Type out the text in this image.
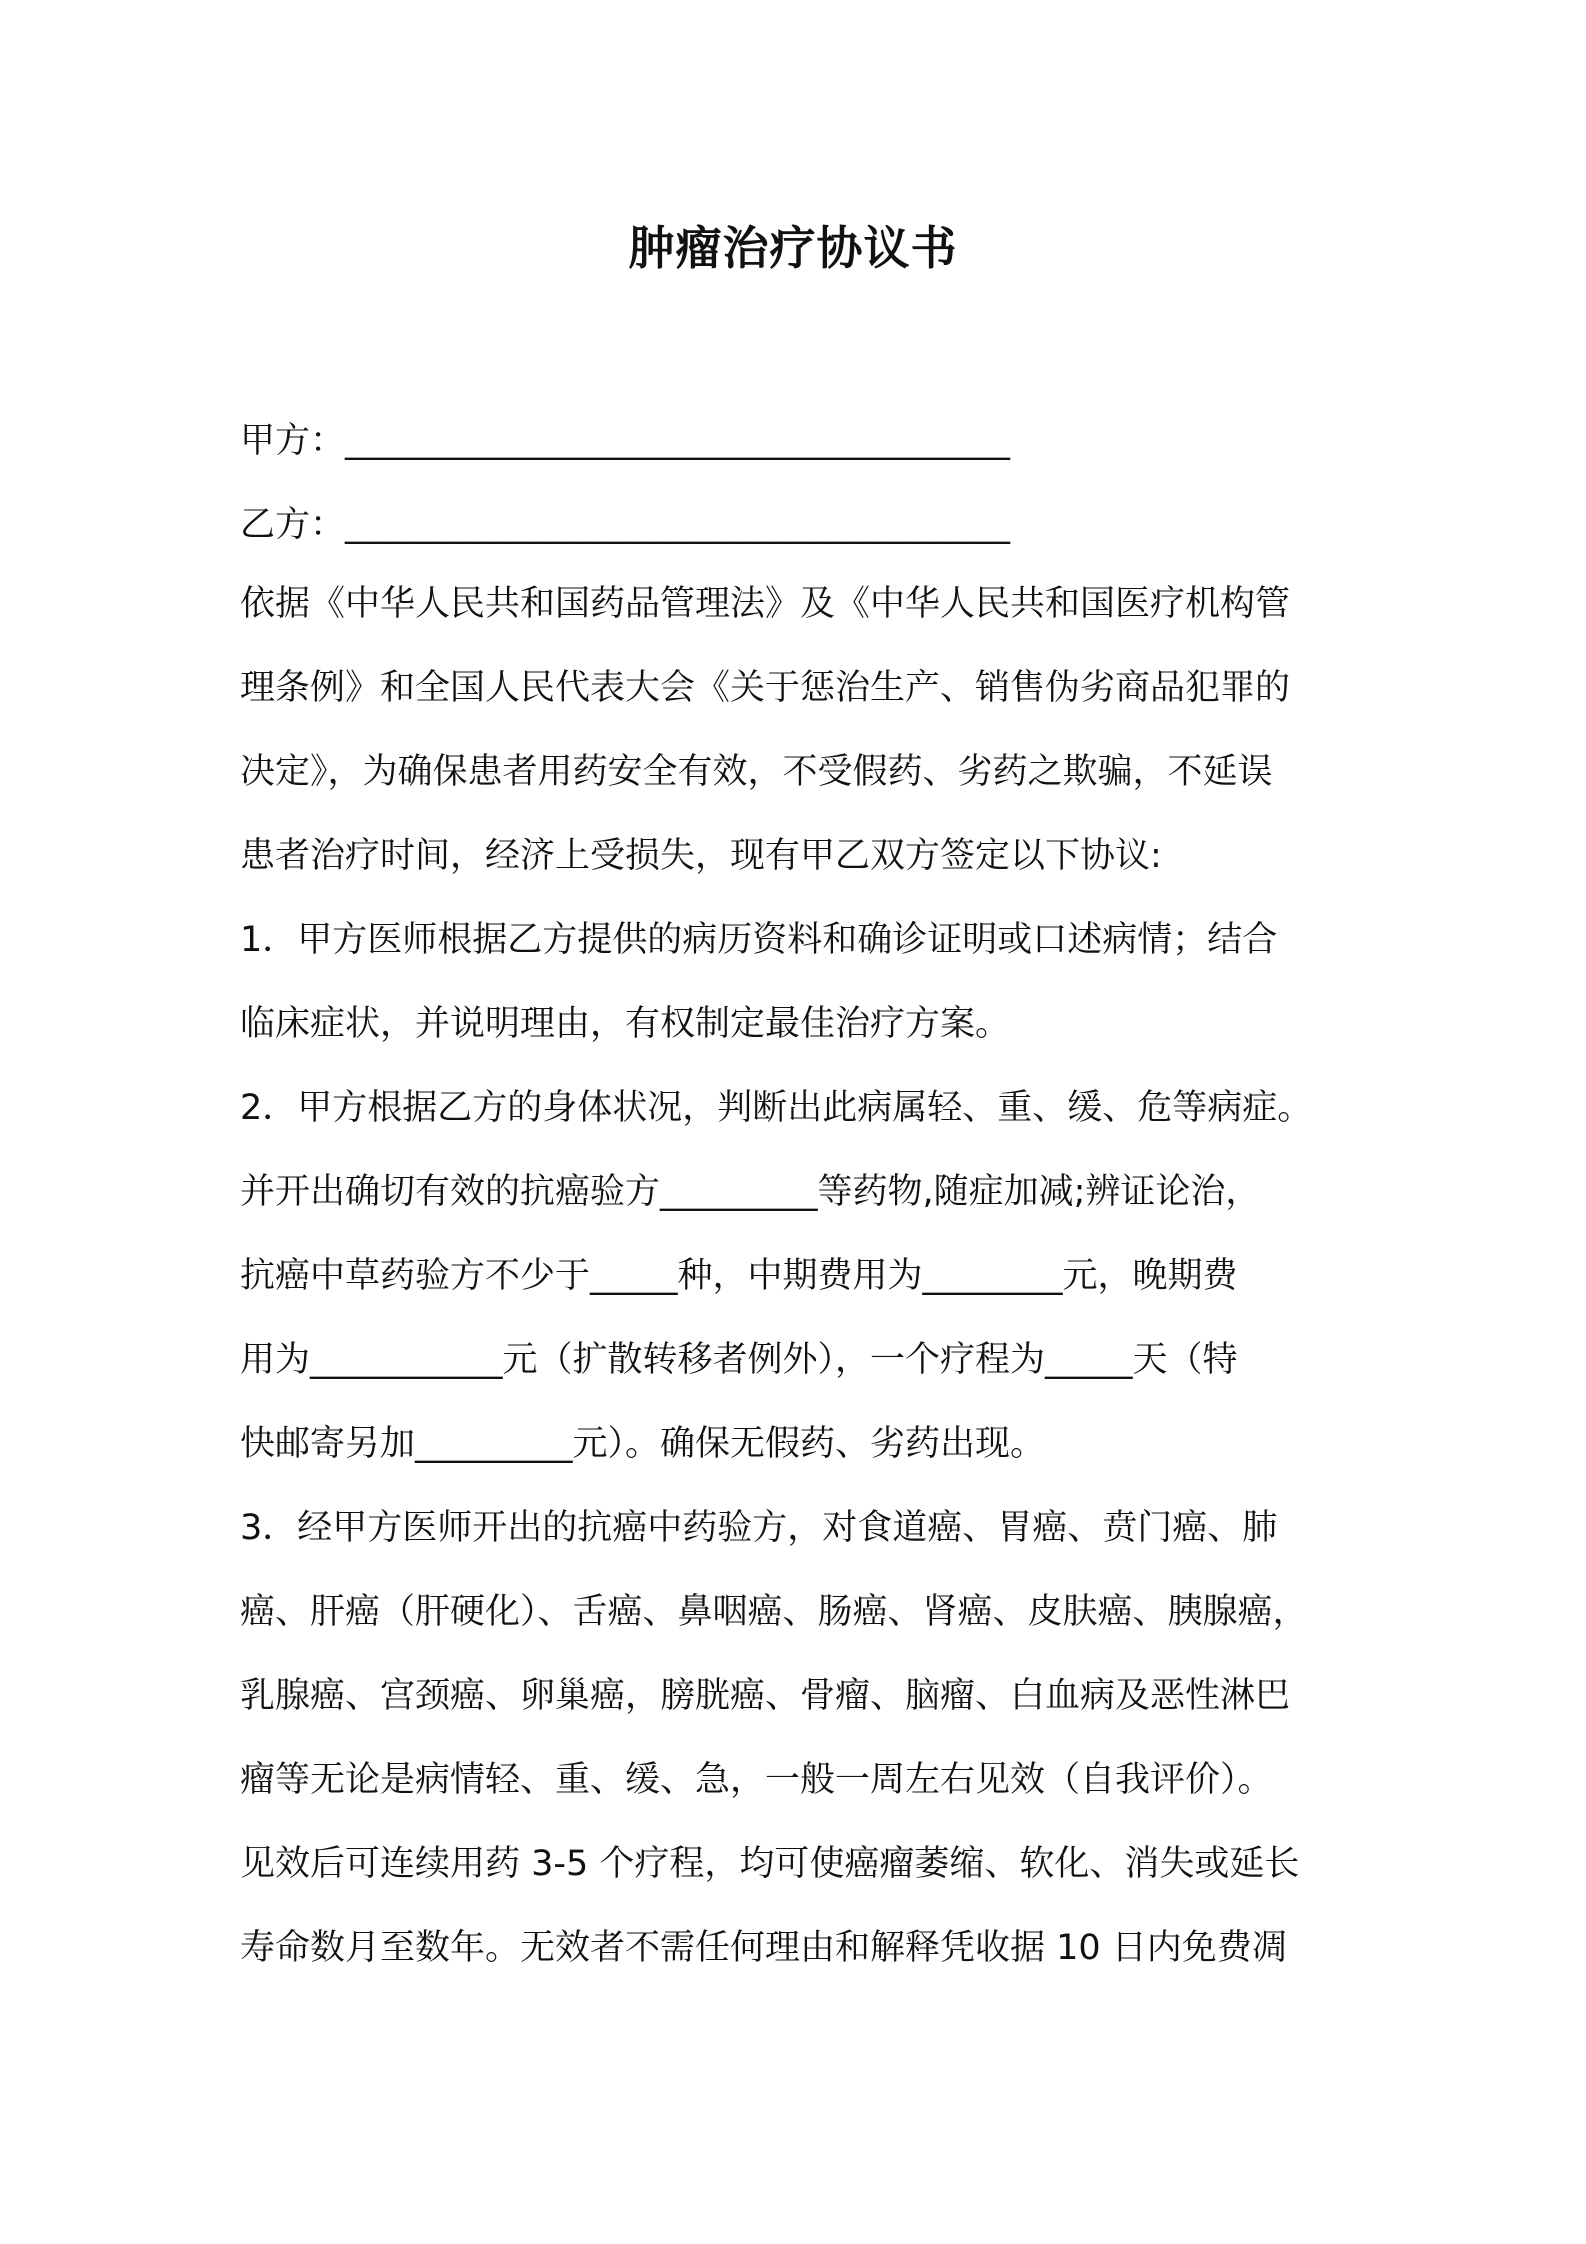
肿瘤治疗协议书
甲方：______________________________________
乙方：______________________________________
依据《中华人民共和国药品管理法》及《中华人民共和国医疗机构管
理条例》和全国人民代表大会《关于惩治生产、销售伪劣商品犯罪的
决定》，为确保患者用药安全有效，不受假药、劣药之欺骗，不延误
患者治疗时间，经济上受损失，现有甲乙双方签定以下协议:
1．甲方医师根据乙方提供的病历资料和确诊证明或口述病情；结合
临床症状，并说明理由，有权制定最佳治疗方案。
2．甲方根据乙方的身体状况，判断出此病属轻、重、缓、危等病症。
并开出确切有效的抗癌验方_________等药物,随症加减;辨证论治，
抗癌中草药验方不少于_____种，中期费用为________元，晚期费
用为___________元（扩散转移者例外），一个疗程为_____天（特
快邮寄另加_________元）。确保无假药、劣药出现。
3．经甲方医师开出的抗癌中药验方，对食道癌、胃癌、贲门癌、肺
癌、肝癌（肝硬化）、舌癌、鼻咽癌、肠癌、肾癌、皮肤癌、胰腺癌，
乳腺癌、宫颈癌、卵巢癌，膀胱癌、骨瘤、脑瘤、白血病及恶性淋巴
瘤等无论是病情轻、重、缓、急，一般一周左右见效（自我评价）。
见效后可连续用药 3-5 个疗程，均可使癌瘤萎缩、软化、消失或延长
寿命数月至数年。无效者不需任何理由和解释凭收据 10 日内免费凋
